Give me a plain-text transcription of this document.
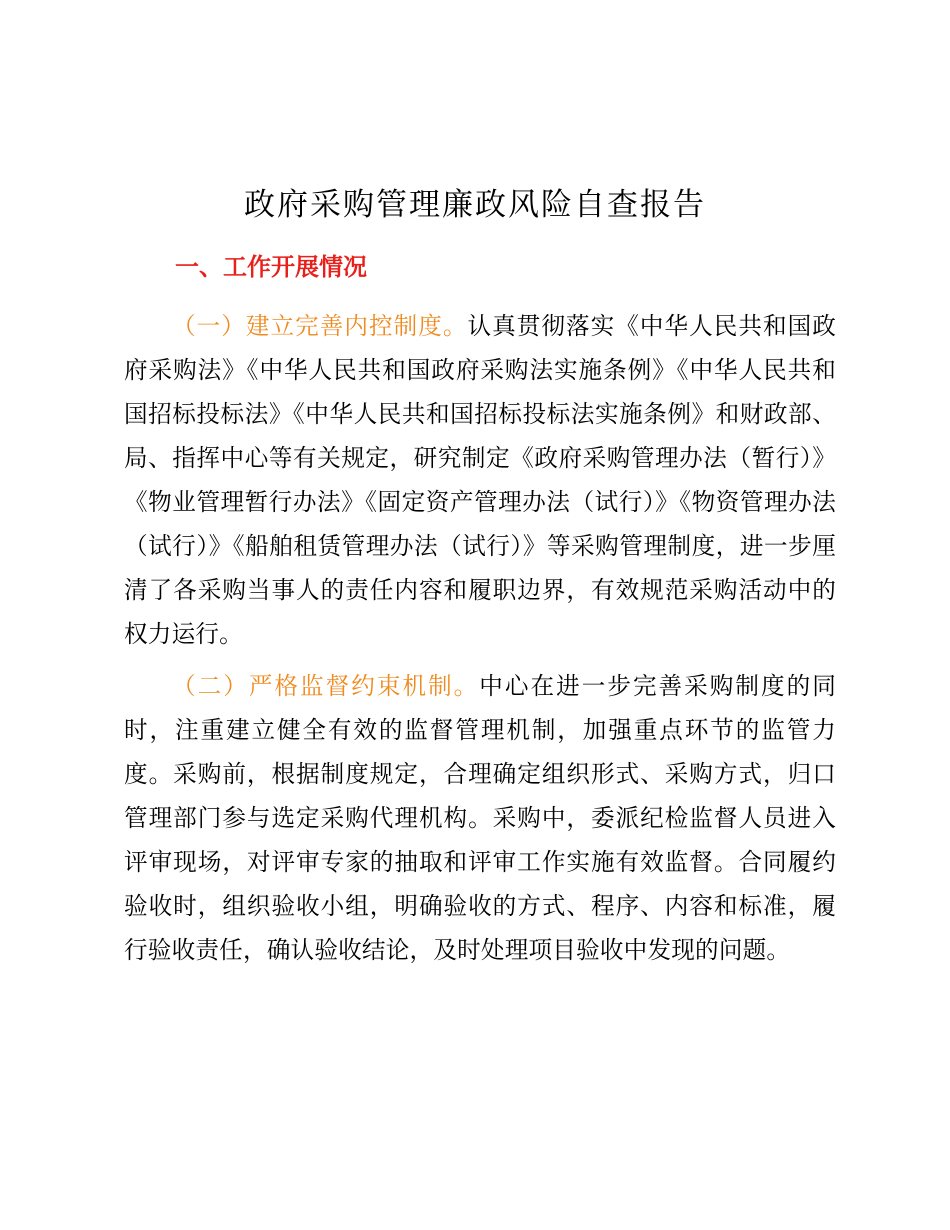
政府采购管理廉政风险自查报告
一、工作开展情况

（一）建立完善内控制度。认真贯彻落实《中华人民共和国政府采购法》《中华人民共和国政府采购法实施条例》《中华人民共和国招标投标法》《中华人民共和国招标投标法实施条例》和财政部、局、指挥中心等有关规定，研究制定《政府采购管理办法（暂行）》《物业管理暂行办法》《固定资产管理办法（试行）》《物资管理办法（试行）》《船舶租赁管理办法（试行）》等采购管理制度，进一步厘清了各采购当事人的责任内容和履职边界，有效规范采购活动中的权力运行。

（二）严格监督约束机制。中心在进一步完善采购制度的同时，注重建立健全有效的监督管理机制，加强重点环节的监管力度。采购前，根据制度规定，合理确定组织形式、采购方式，归口管理部门参与选定采购代理机构。采购中，委派纪检监督人员进入评审现场，对评审专家的抽取和评审工作实施有效监督。合同履约验收时，组织验收小组，明确验收的方式、程序、内容和标准，履行验收责任，确认验收结论，及时处理项目验收中发现的问题。
